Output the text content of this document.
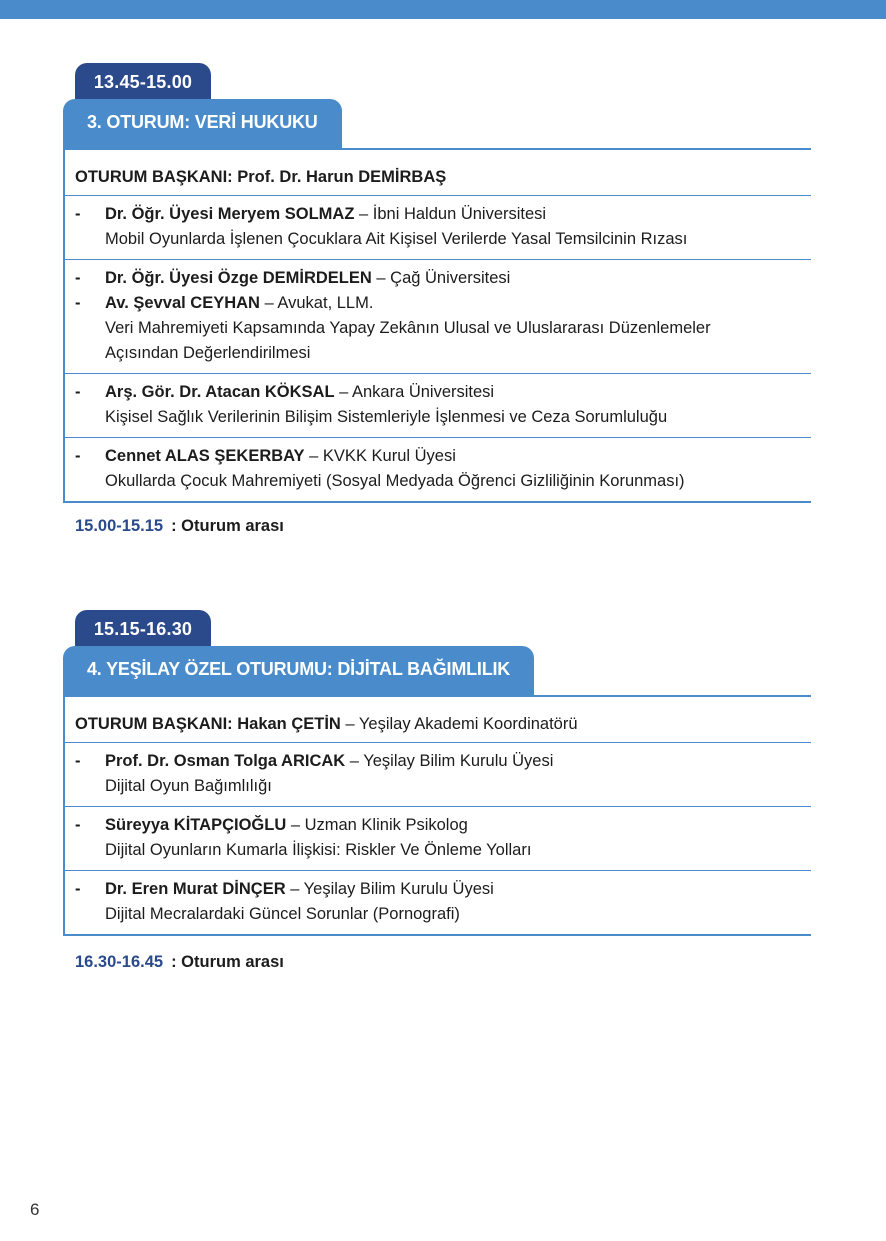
13.45-15.00
3. OTURUM: VERİ HUKUKU
OTURUM BAŞKANI: Prof. Dr. Harun DEMİRBAŞ
-	Dr. Öğr. Üyesi Meryem SOLMAZ – İbni Haldun Üniversitesi
Mobil Oyunlarda İşlenen Çocuklara Ait Kişisel Verilerde Yasal Temsilcinin Rızası
-	Dr. Öğr. Üyesi Özge DEMİRDELEN – Çağ Üniversitesi
-	Av. Şevval CEYHAN – Avukat, LLM.
Veri Mahremiyeti Kapsamında Yapay Zekânın Ulusal ve Uluslararası Düzenlemeler
Açısından Değerlendirilmesi
-	Arş. Gör. Dr. Atacan KÖKSAL – Ankara Üniversitesi
Kişisel Sağlık Verilerinin Bilişim Sistemleriyle İşlenmesi ve Ceza Sorumluluğu
-	Cennet ALAS ŞEKERBAY – KVKK Kurul Üyesi
Okullarda Çocuk Mahremiyeti (Sosyal Medyada Öğrenci Gizliliğinin Korunması)
15.00-15.15 : Oturum arası
15.15-16.30
4. YEŞİLAY ÖZEL OTURUMU: DİJİTAL BAĞIMLILIK
OTURUM BAŞKANI: Hakan ÇETİN – Yeşilay Akademi Koordinatörü
-	Prof. Dr. Osman Tolga ARICAK – Yeşilay Bilim Kurulu Üyesi
Dijital Oyun Bağımlılığı
-	Süreyya KİTAPÇIOĞLU – Uzman Klinik Psikolog
Dijital Oyunların Kumarla İlişkisi: Riskler Ve Önleme Yolları
-	Dr. Eren Murat DİNÇER – Yeşilay Bilim Kurulu Üyesi
Dijital Mecralardaki Güncel Sorunlar (Pornografi)
16.30-16.45 : Oturum arası
6
